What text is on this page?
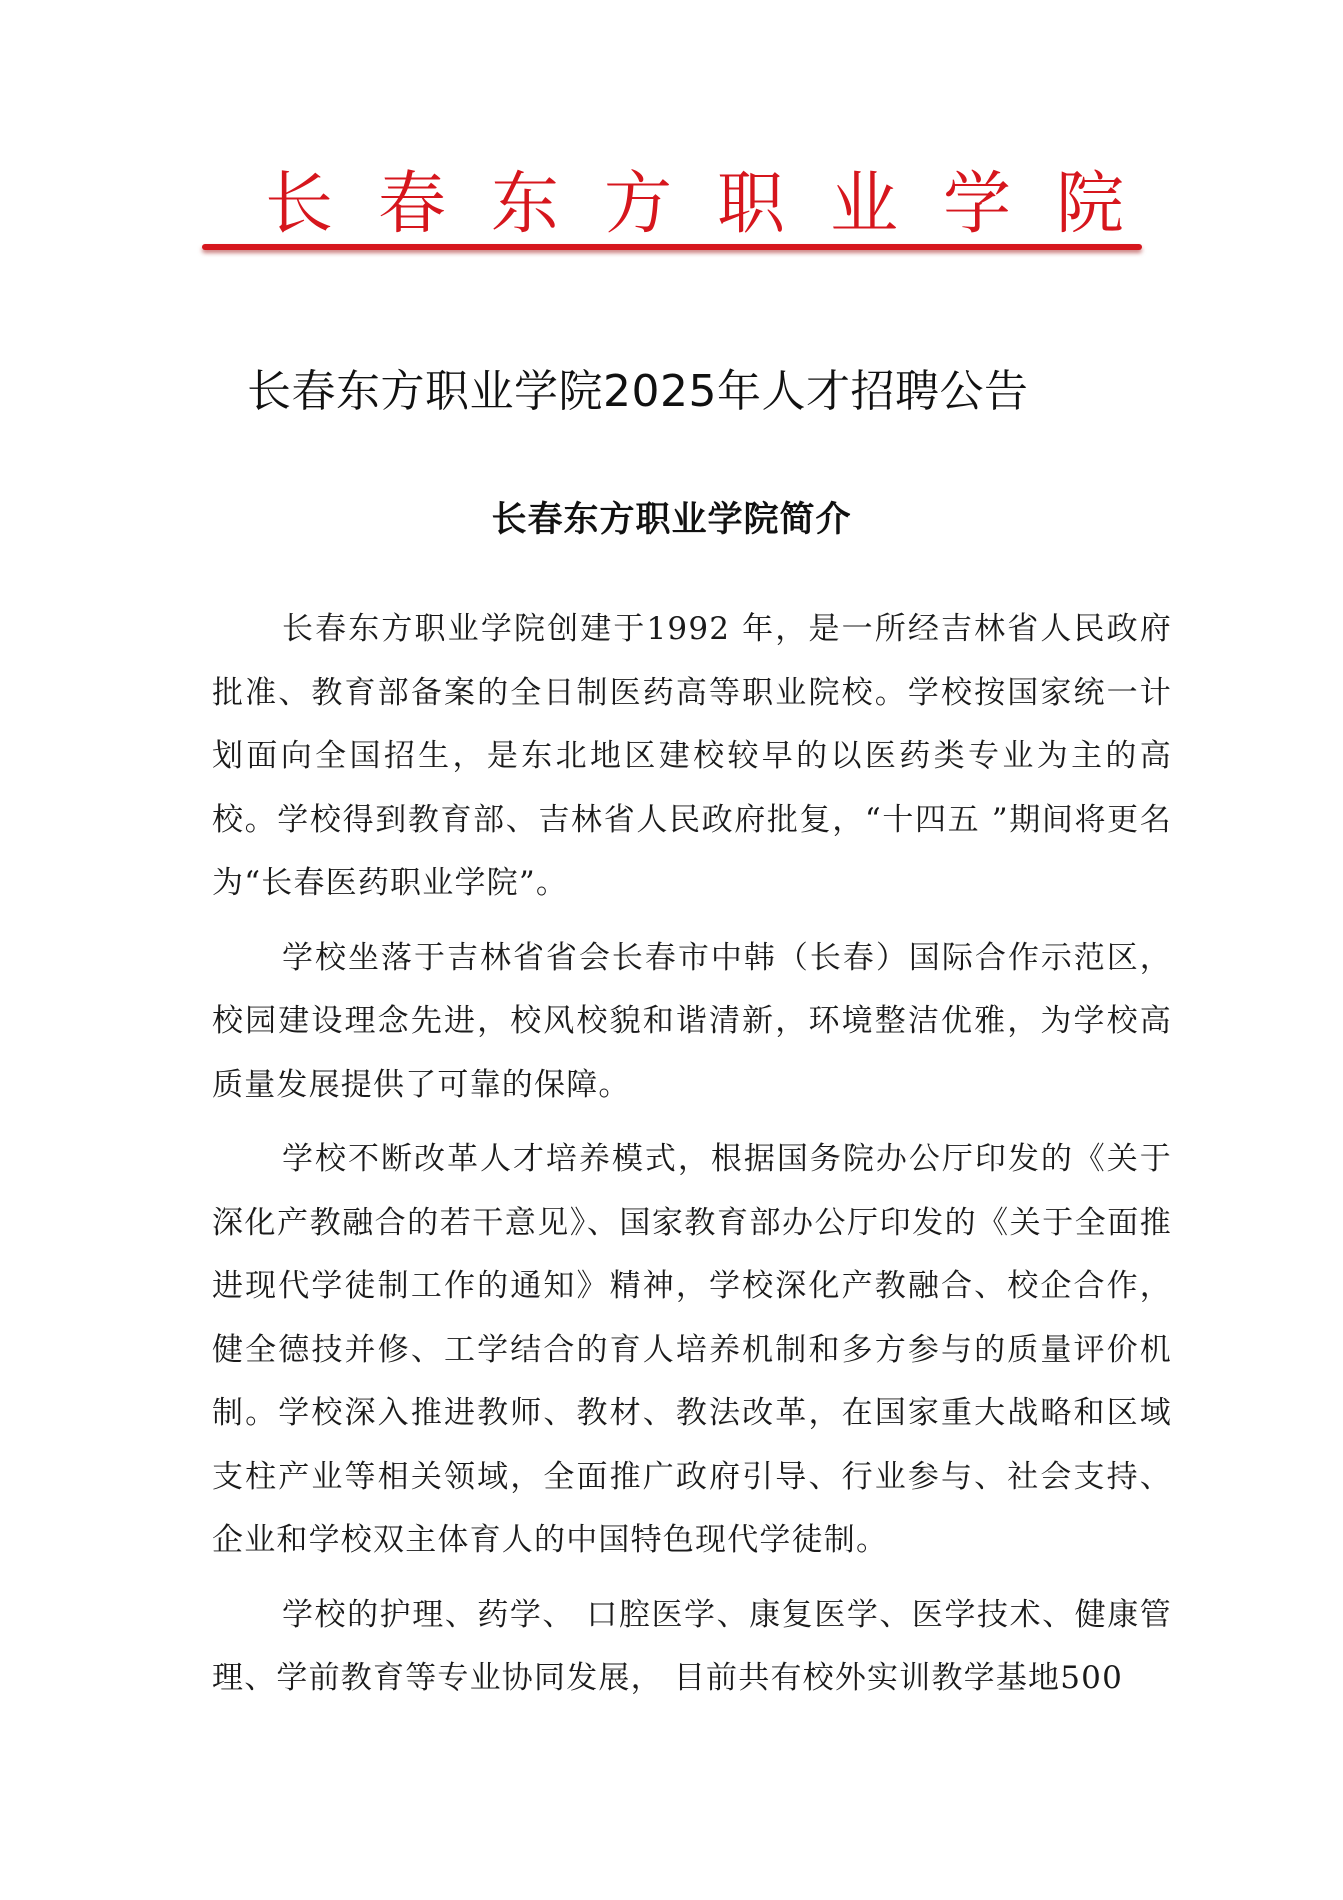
长春东方职业学院
长春东方职业学院2025年人才招聘公告
长春东方职业学院简介

长春东方职业学院创建于1992 年，是一所经吉林省人民政府批准、教育部备案的全日制医药高等职业院校。学校按国家统一计划面向全国招生，是东北地区建校较早的以医药类专业为主的高校。学校得到教育部、吉林省人民政府批复，“十四五 ”期间将更名为“长春医药职业学院”。

学校坐落于吉林省省会长春市中韩（长春）国际合作示范区，校园建设理念先进，校风校貌和谐清新，环境整洁优雅，为学校高质量发展提供了可靠的保障。

学校不断改革人才培养模式，根据国务院办公厅印发的《关于深化产教融合的若干意见》、国家教育部办公厅印发的《关于全面推进现代学徒制工作的通知》精神，学校深化产教融合、校企合作，健全德技并修、工学结合的育人培养机制和多方参与的质量评价机制。学校深入推进教师、教材、教法改革，在国家重大战略和区域支柱产业等相关领域，全面推广政府引导、行业参与、社会支持、企业和学校双主体育人的中国特色现代学徒制。

学校的护理、药学、 口腔医学、康复医学、医学技术、健康管理、学前教育等专业协同发展， 目前共有校外实训教学基地500
